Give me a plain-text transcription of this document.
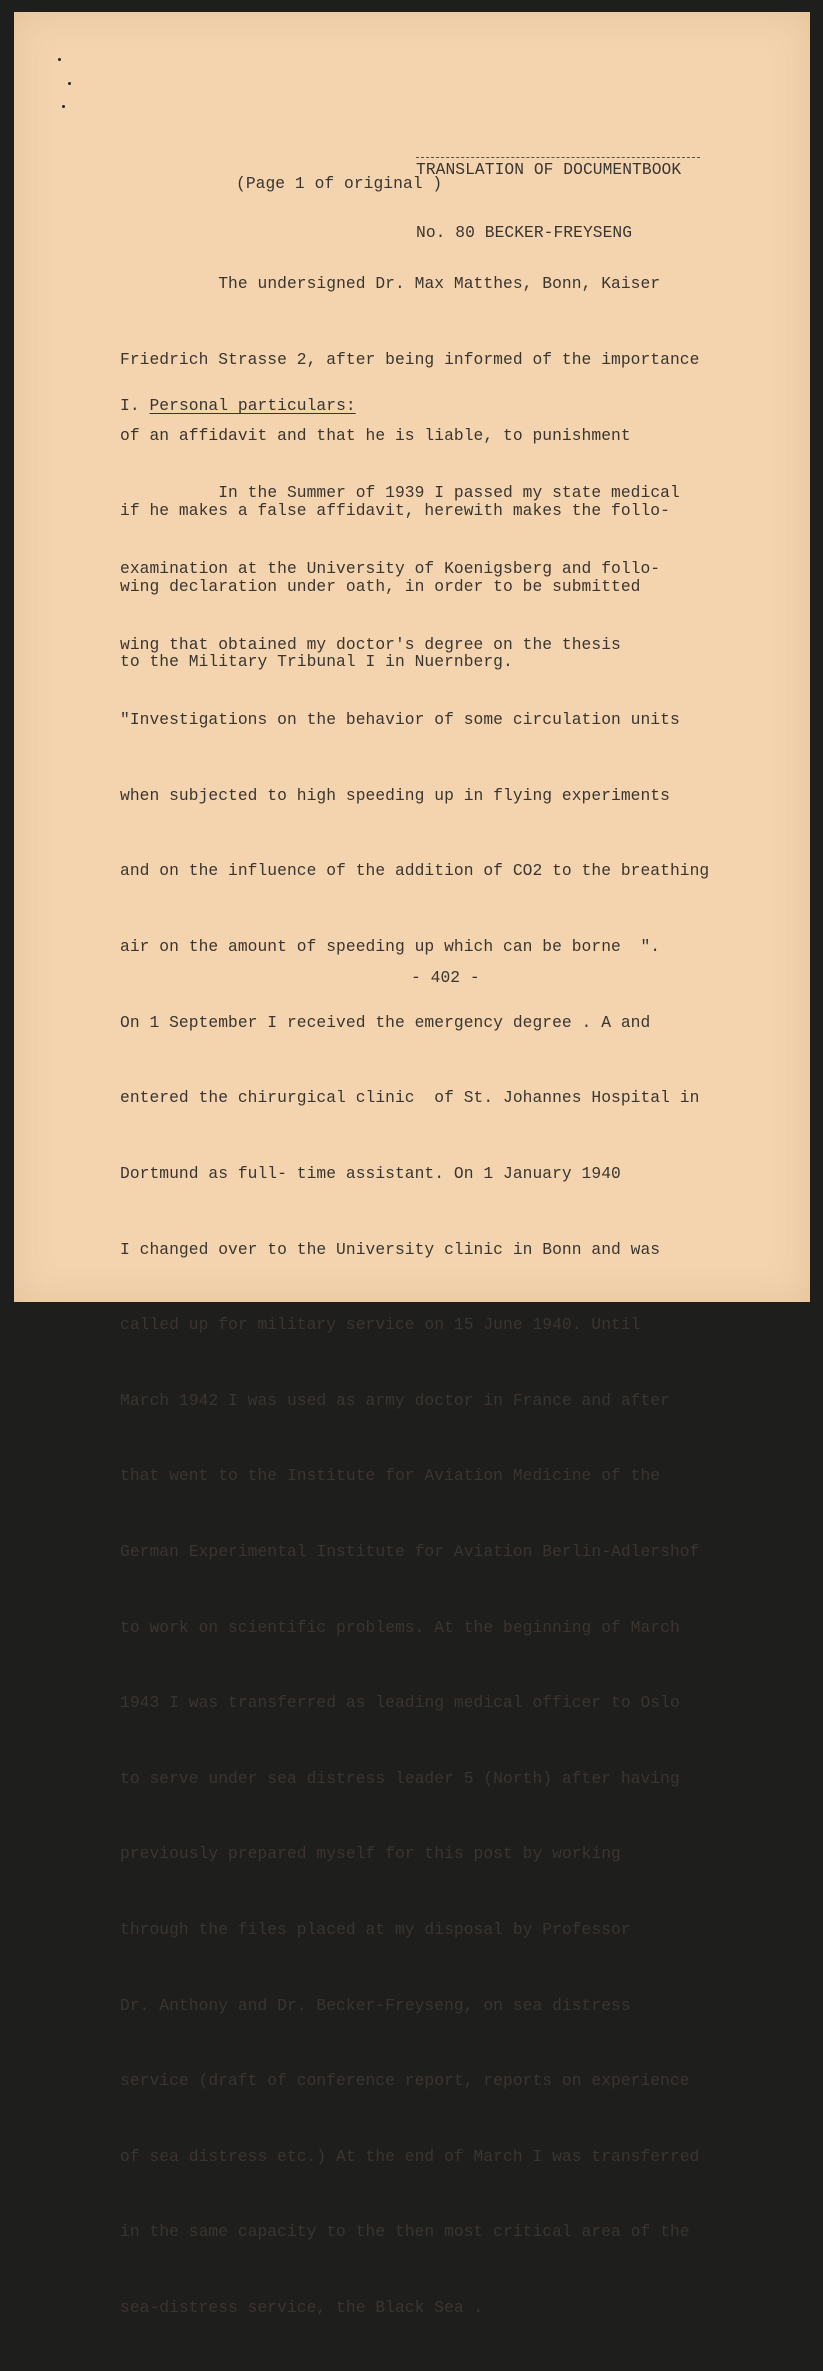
TRANSLATION OF DOCUMENTBOOK

No. 80 BECKER-FREYSENG

(Page 1 of original )

The undersigned Dr. Max Matthes, Bonn, Kaiser

Friedrich Strasse 2, after being informed of the importance

of an affidavit and that he is liable, to punishment

if he makes a false affidavit, herewith makes the follo-

wing declaration under oath, in order to be submitted

to the Military Tribunal I in Nuernberg.

I. Personal particulars:

In the Summer of 1939 I passed my state medical

examination at the University of Koenigsberg and follo-

wing that obtained my doctor's degree on the thesis

"Investigations on the behavior of some circulation units

when subjected to high speeding up in flying experiments

and on the influence of the addition of CO2 to the breathing

air on the amount of speeding up which can be borne  ".

On 1 September I received the emergency degree . A and

entered the chirurgical clinic  of St. Johannes Hospital in

Dortmund as full- time assistant. On 1 January 1940

I changed over to the University clinic in Bonn and was

called up for military service on 15 June 1940. Until

March 1942 I was used as army doctor in France and after

that went to the Institute for Aviation Medicine of the

German Experimental Institute for Aviation Berlin-Adlershof

to work on scientific problems. At the beginning of March

1943 I was transferred as leading medical officer to Oslo

to serve under sea distress leader 5 (North) after having

previously prepared myself for this post by working

through the files placed at my disposal by Professor

Dr. Anthony and Dr. Becker-Freyseng, on sea distress

service (draft of conference report, reports on experience

of sea distress etc.) At the end of March I was transferred

in the same capacity to the then most critical area of the

sea-distress service, the Black Sea .

- 402 -
